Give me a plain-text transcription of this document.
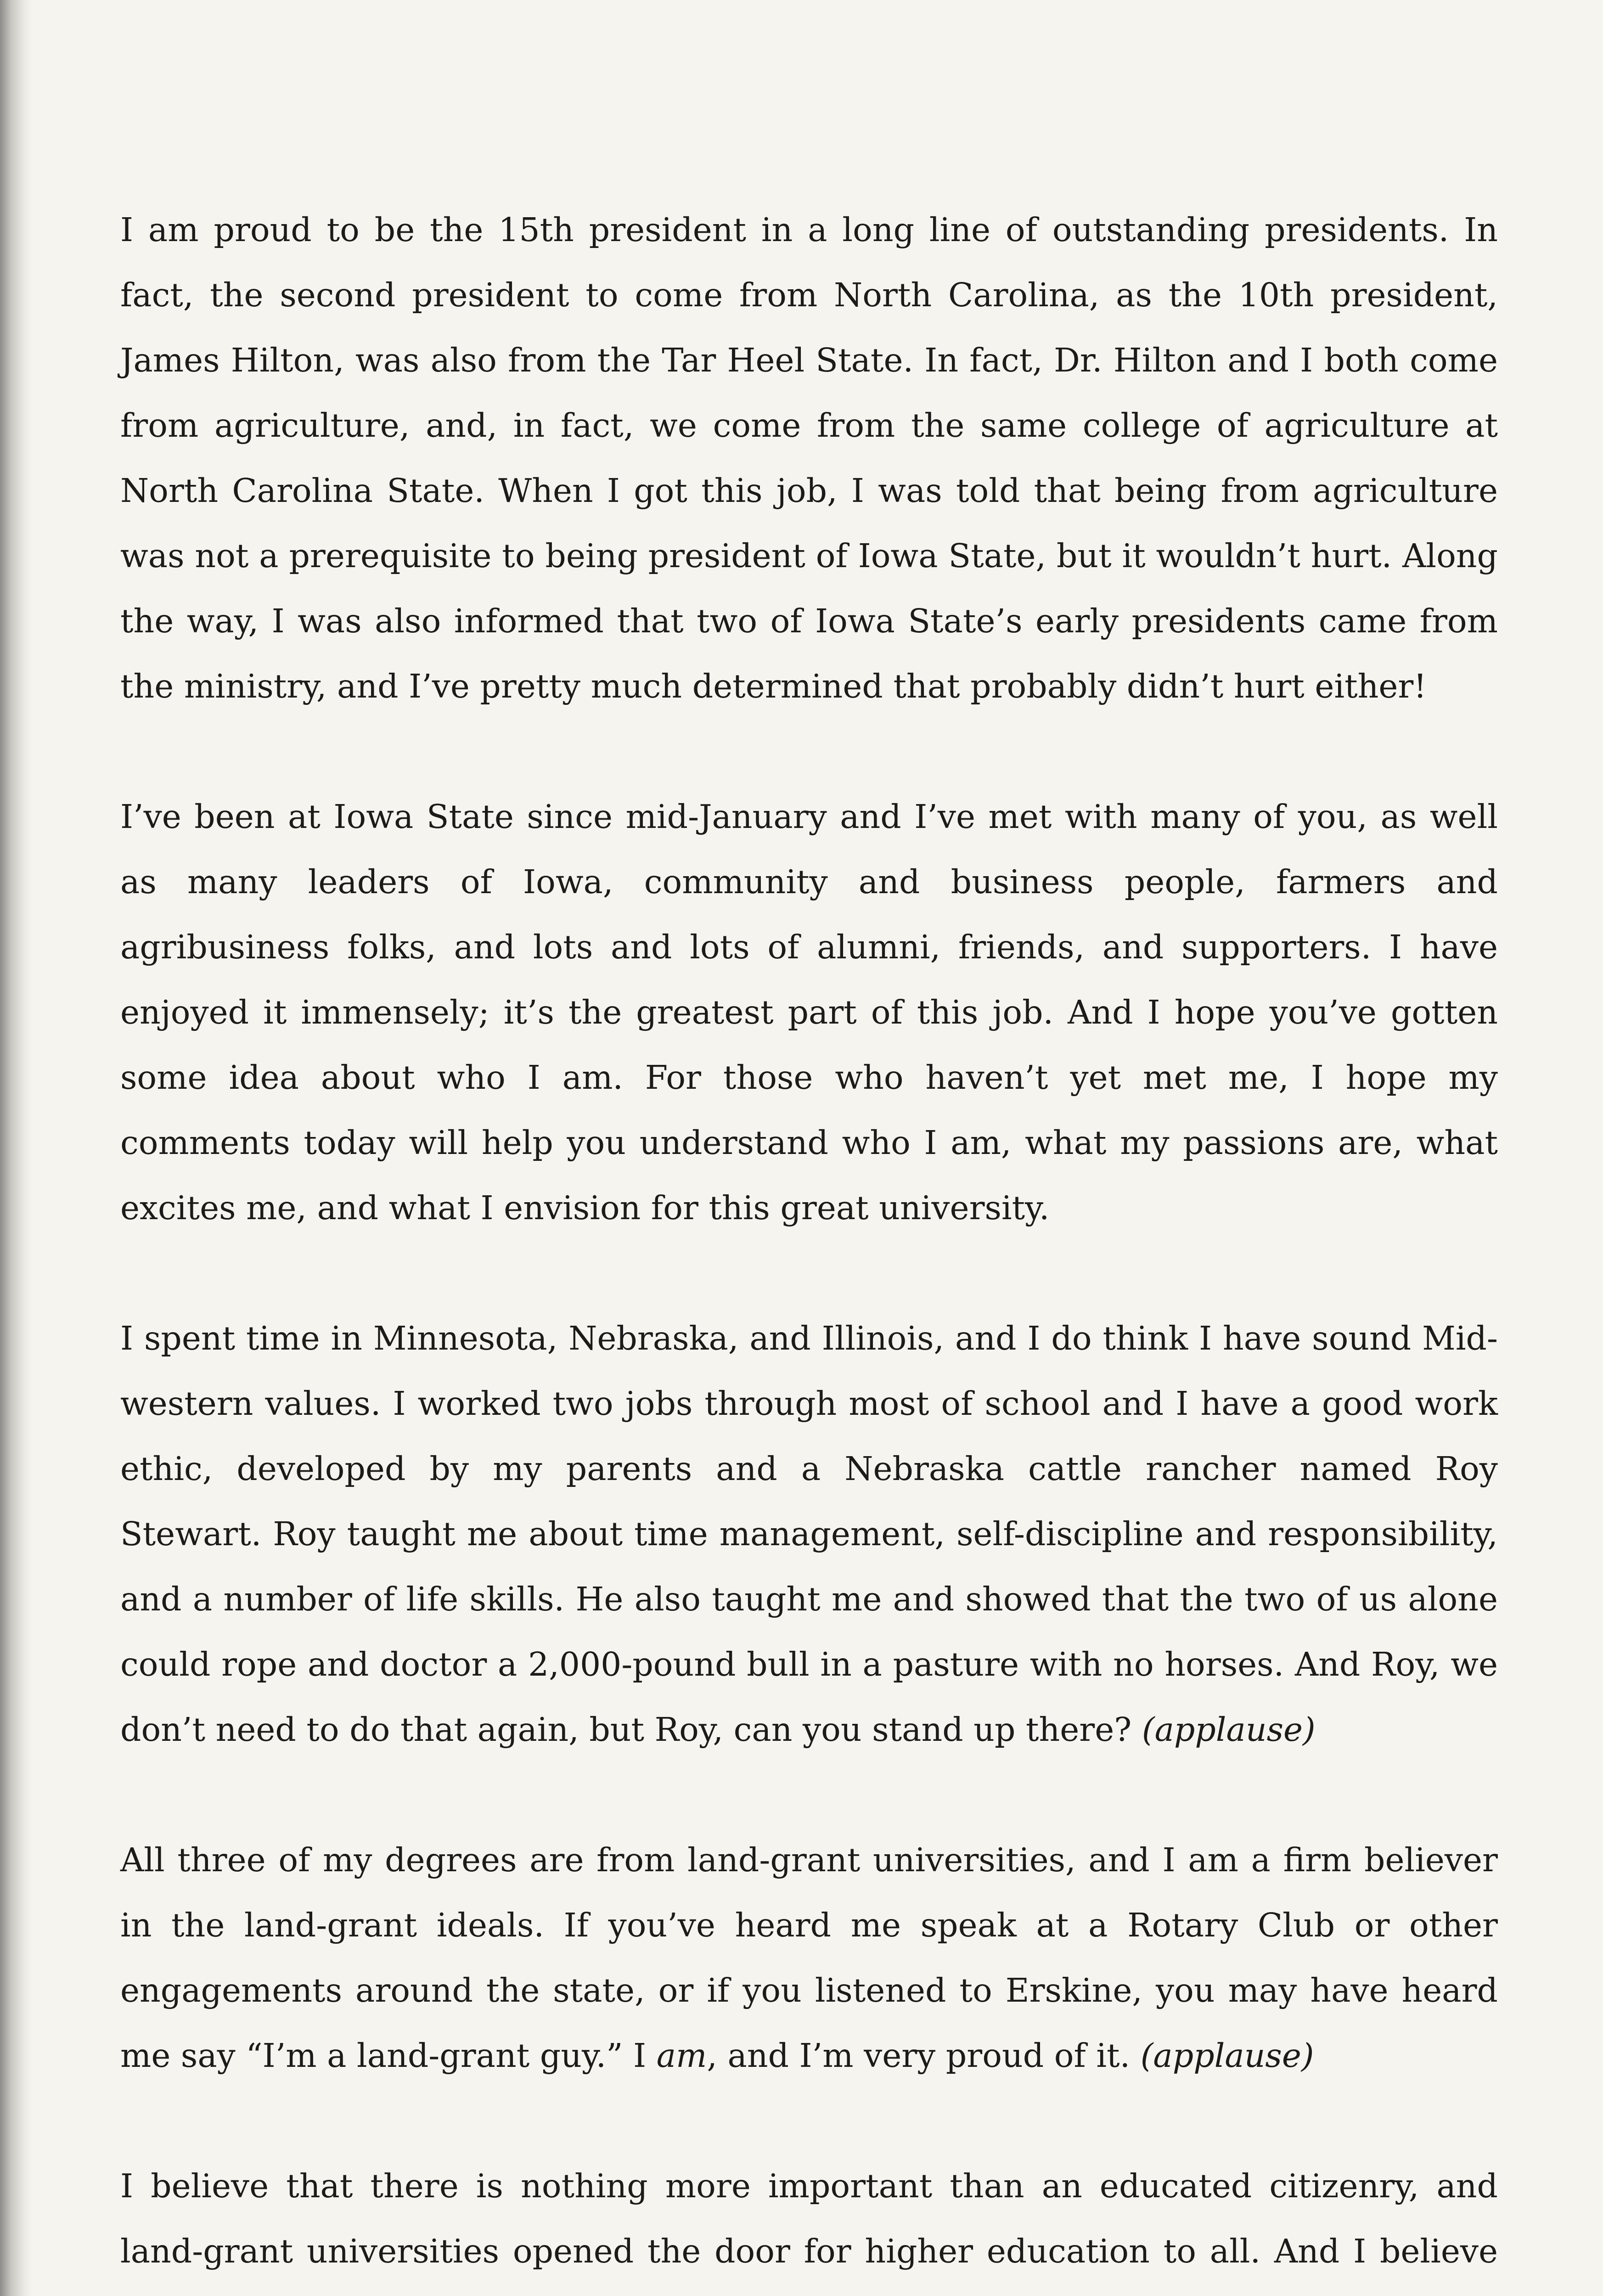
I am proud to be the 15th president in a long line of outstanding presidents. In fact, the second president to come from North Carolina, as the 10th president, James Hilton, was also from the Tar Heel State. In fact, Dr. Hilton and I both come from agriculture, and, in fact, we come from the same college of agriculture at North Carolina State. When I got this job, I was told that being from agriculture was not a prerequisite to being president of Iowa State, but it wouldn’t hurt. Along the way, I was also informed that two of Iowa State’s early presidents came from the ministry, and I’ve pretty much determined that probably didn’t hurt either!

I’ve been at Iowa State since mid-January and I’ve met with many of you, as well as many leaders of Iowa, community and business people, farmers and agribusiness folks, and lots and lots of alumni, friends, and supporters. I have enjoyed it immensely; it’s the greatest part of this job. And I hope you’ve gotten some idea about who I am. For those who haven’t yet met me, I hope my comments today will help you understand who I am, what my passions are, what excites me, and what I envision for this great university.

I spent time in Minnesota, Nebraska, and Illinois, and I do think I have sound Mid-western values. I worked two jobs through most of school and I have a good work ethic, developed by my parents and a Nebraska cattle rancher named Roy Stewart. Roy taught me about time management, self-discipline and responsibility, and a number of life skills. He also taught me and showed that the two of us alone could rope and doctor a 2,000-pound bull in a pasture with no horses. And Roy, we don’t need to do that again, but Roy, can you stand up there? (applause)

All three of my degrees are from land-grant universities, and I am a firm believer in the land-grant ideals. If you’ve heard me speak at a Rotary Club or other engagements around the state, or if you listened to Erskine, you may have heard me say “I’m a land-grant guy.” I am, and I’m very proud of it. (applause)

I believe that there is nothing more important than an educated citizenry, and land-grant universities opened the door for higher education to all. And I believe
